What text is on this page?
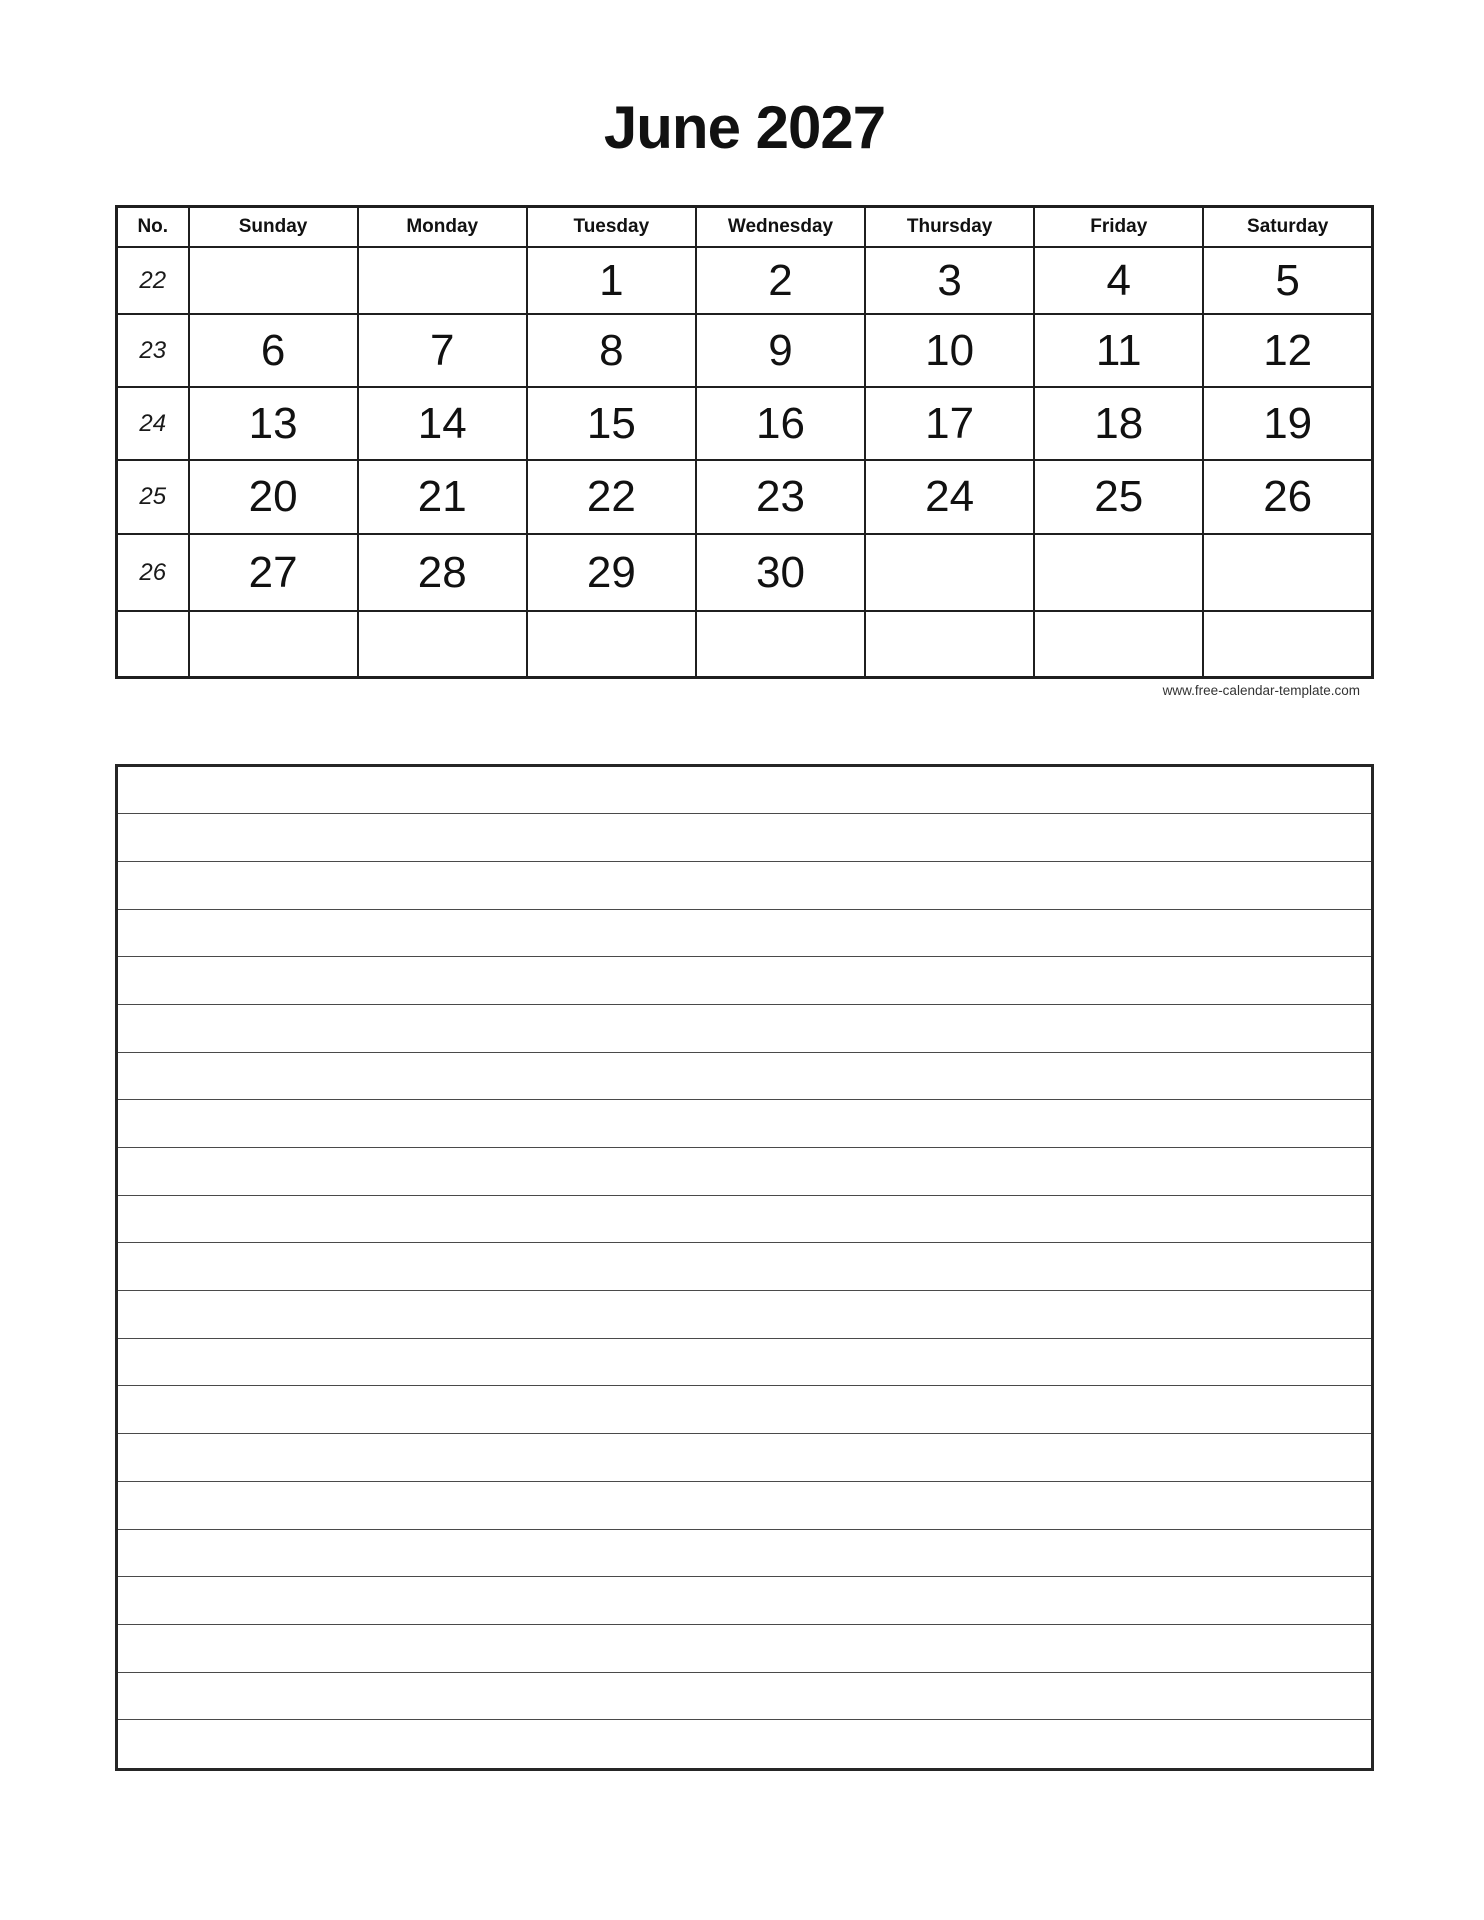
June 2027
No.	Sunday	Monday	Tuesday	Wednesday	Thursday	Friday	Saturday
22			1	2	3	4	5
23	6	7	8	9	10	11	12
24	13	14	15	16	17	18	19
25	20	21	22	23	24	25	26
26	27	28	29	30			

www.free-calendar-template.com
